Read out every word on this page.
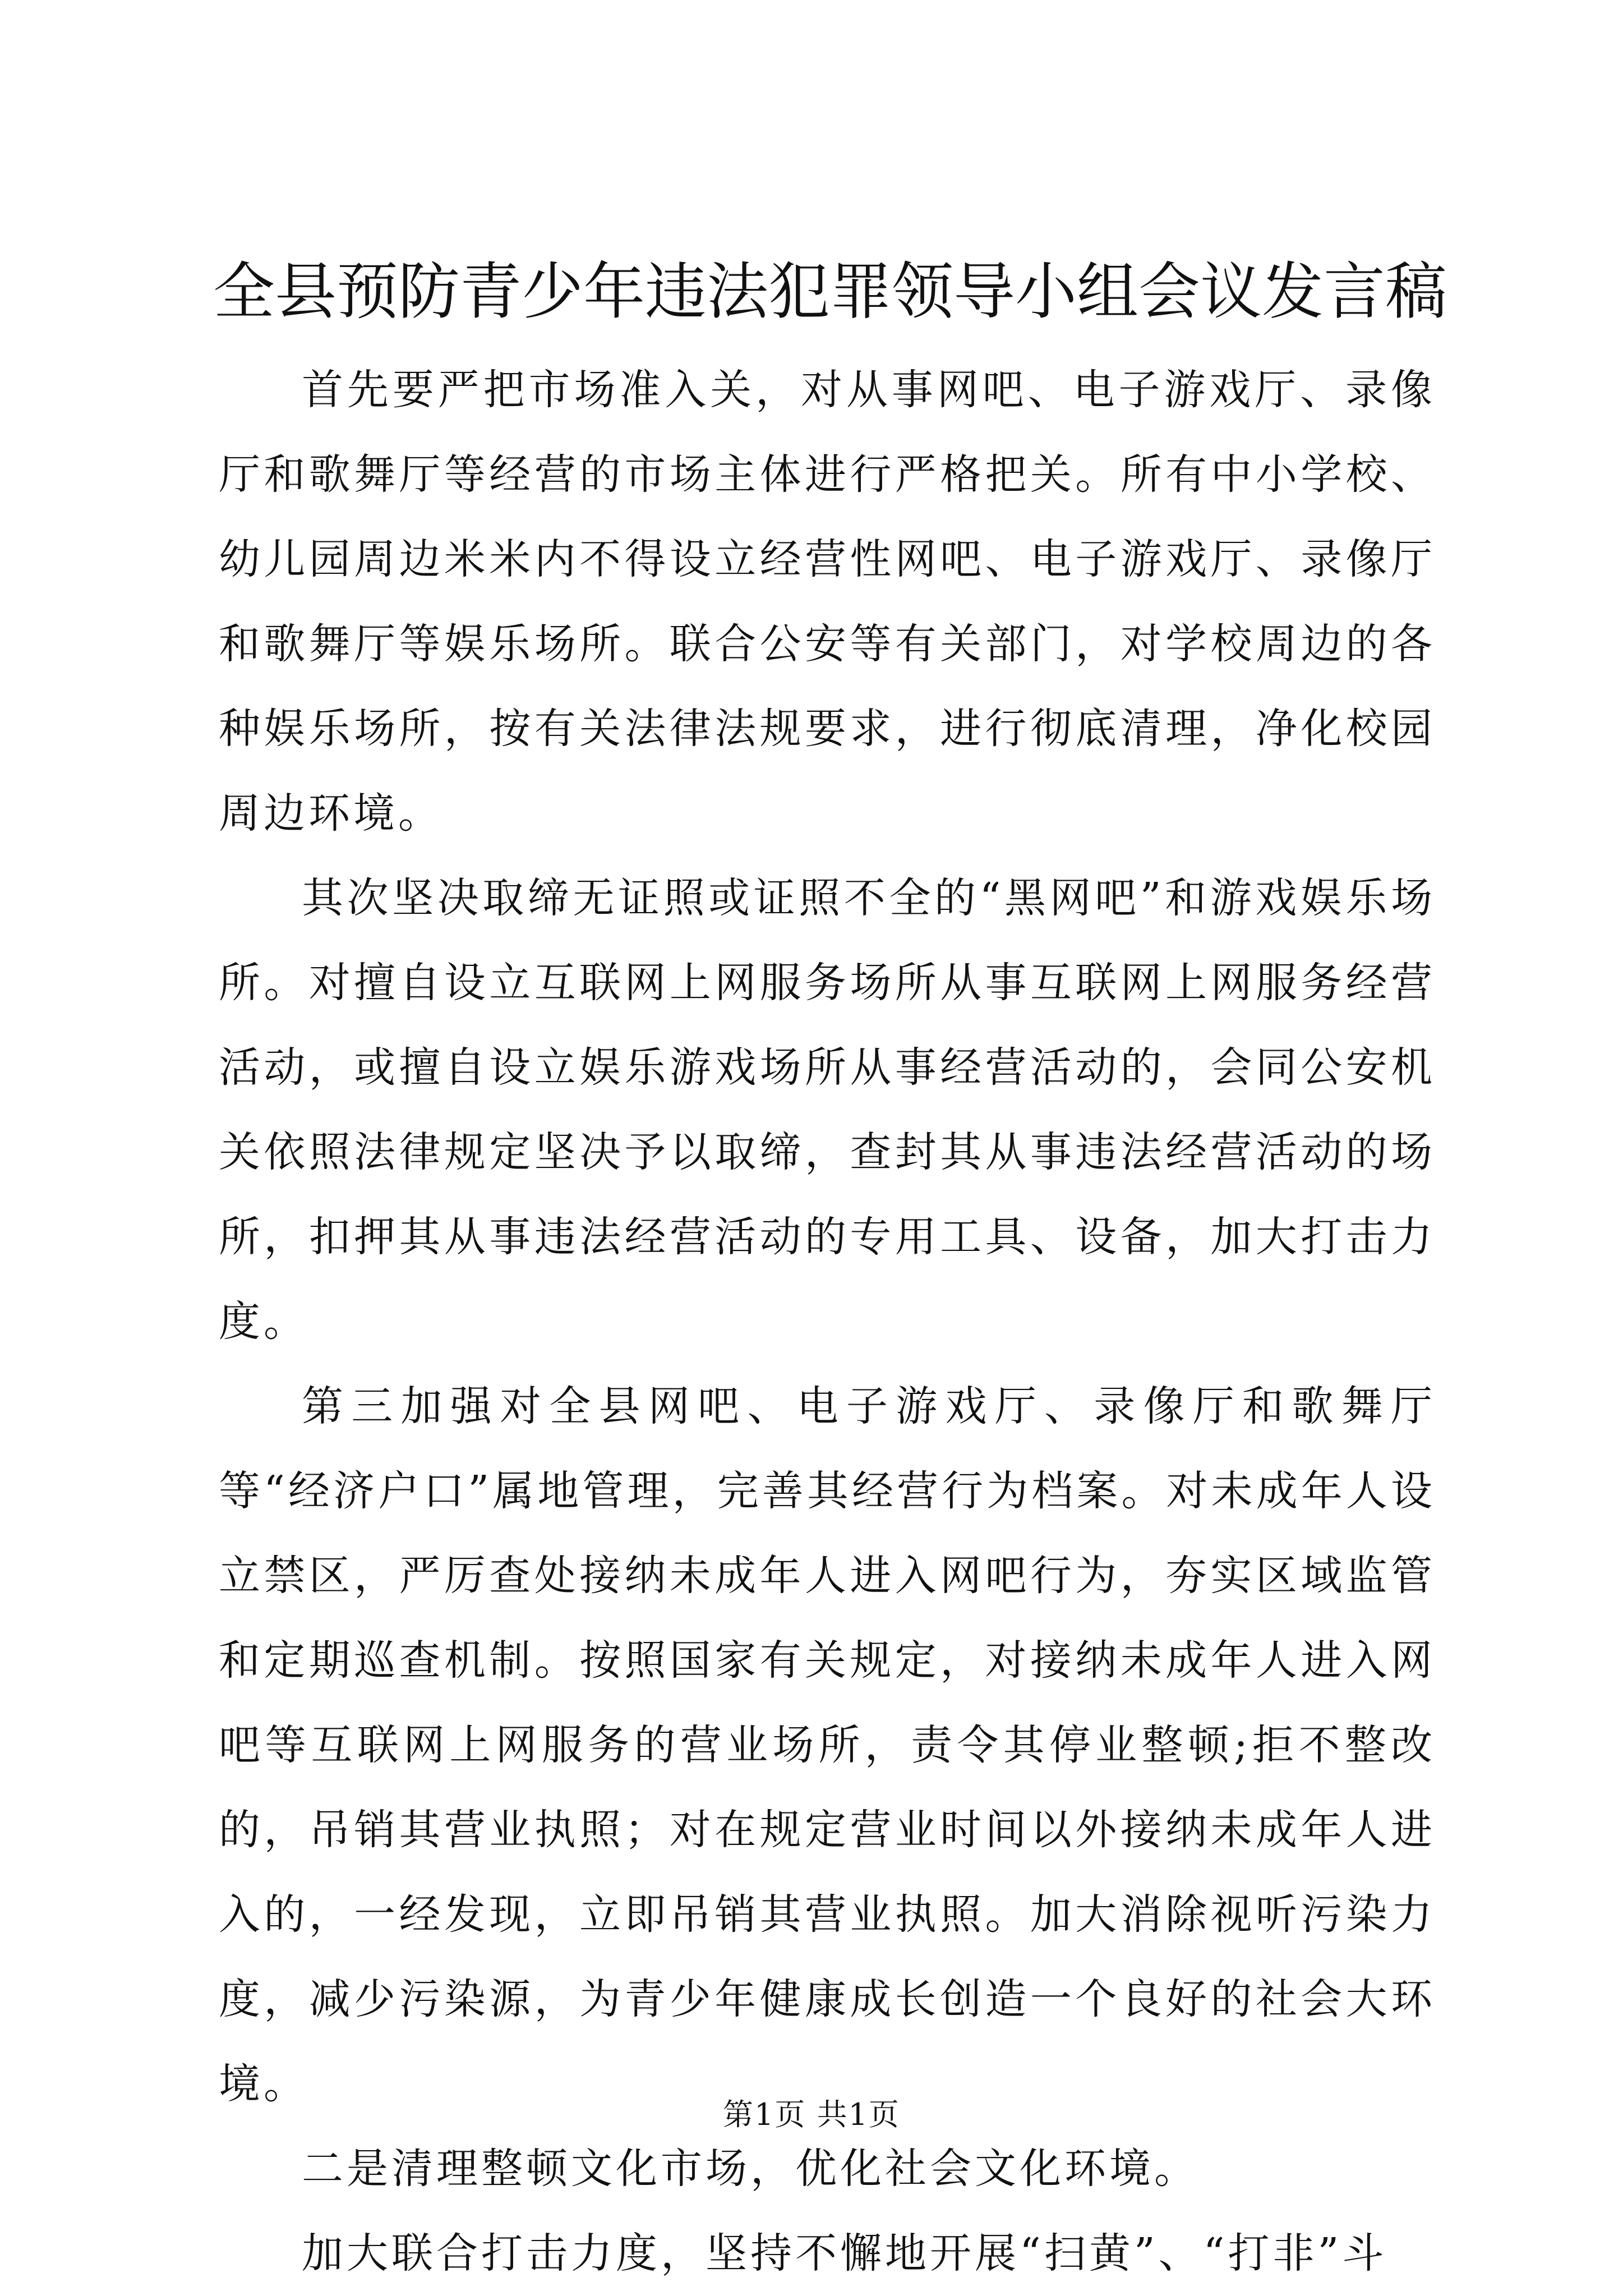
全县预防青少年违法犯罪领导小组会议发言稿

首先要严把市场准入关，对从事网吧、电子游戏厅、录像厅和歌舞厅等经营的市场主体进行严格把关。所有中小学校、幼儿园周边米米内不得设立经营性网吧、电子游戏厅、录像厅和歌舞厅等娱乐场所。联合公安等有关部门，对学校周边的各种娱乐场所，按有关法律法规要求，进行彻底清理，净化校园周边环境。

其次坚决取缔无证照或证照不全的“黑网吧”和游戏娱乐场所。对擅自设立互联网上网服务场所从事互联网上网服务经营活动，或擅自设立娱乐游戏场所从事经营活动的，会同公安机关依照法律规定坚决予以取缔，查封其从事违法经营活动的场所，扣押其从事违法经营活动的专用工具、设备，加大打击力度。

第三加强对全县网吧、电子游戏厅、录像厅和歌舞厅等“经济户口”属地管理，完善其经营行为档案。对未成年人设立禁区，严厉查处接纳未成年人进入网吧行为，夯实区域监管和定期巡查机制。按照国家有关规定，对接纳未成年人进入网吧等互联网上网服务的营业场所，责令其停业整顿;拒不整改的，吊销其营业执照；对在规定营业时间以外接纳未成年人进入的，一经发现，立即吊销其营业执照。加大消除视听污染力度，减少污染源，为青少年健康成长创造一个良好的社会大环境。

二是清理整顿文化市场，优化社会文化环境。

加大联合打击力度，坚持不懈地开展“扫黄”、“打非”斗

第1页 共1页
